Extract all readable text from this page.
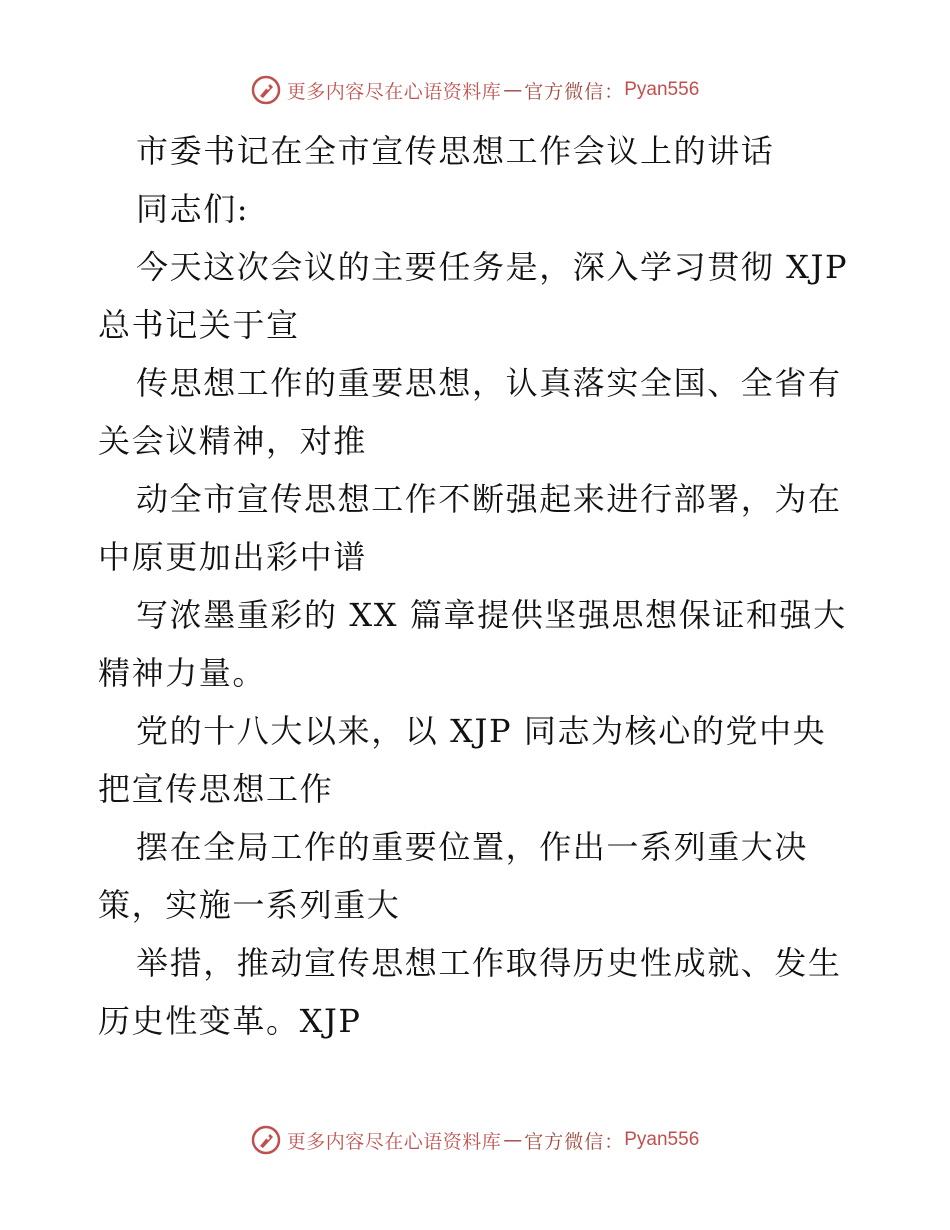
更多内容尽在心语资料库 — 官方微信： Pyan556
市委书记在全市宣传思想工作会议上的讲话
同志们:
今天这次会议的主要任务是，深入学习贯彻 XJP
总书记关于宣
传思想工作的重要思想，认真落实全国、全省有
关会议精神，对推
动全市宣传思想工作不断强起来进行部署，为在
中原更加出彩中谱
写浓墨重彩的 XX 篇章提供坚强思想保证和强大
精神力量。
党的十八大以来，以 XJP 同志为核心的党中央
把宣传思想工作
摆在全局工作的重要位置，作出一系列重大决
策，实施一系列重大
举措，推动宣传思想工作取得历史性成就、发生
历史性变革。XJP
更多内容尽在心语资料库 — 官方微信： Pyan556
